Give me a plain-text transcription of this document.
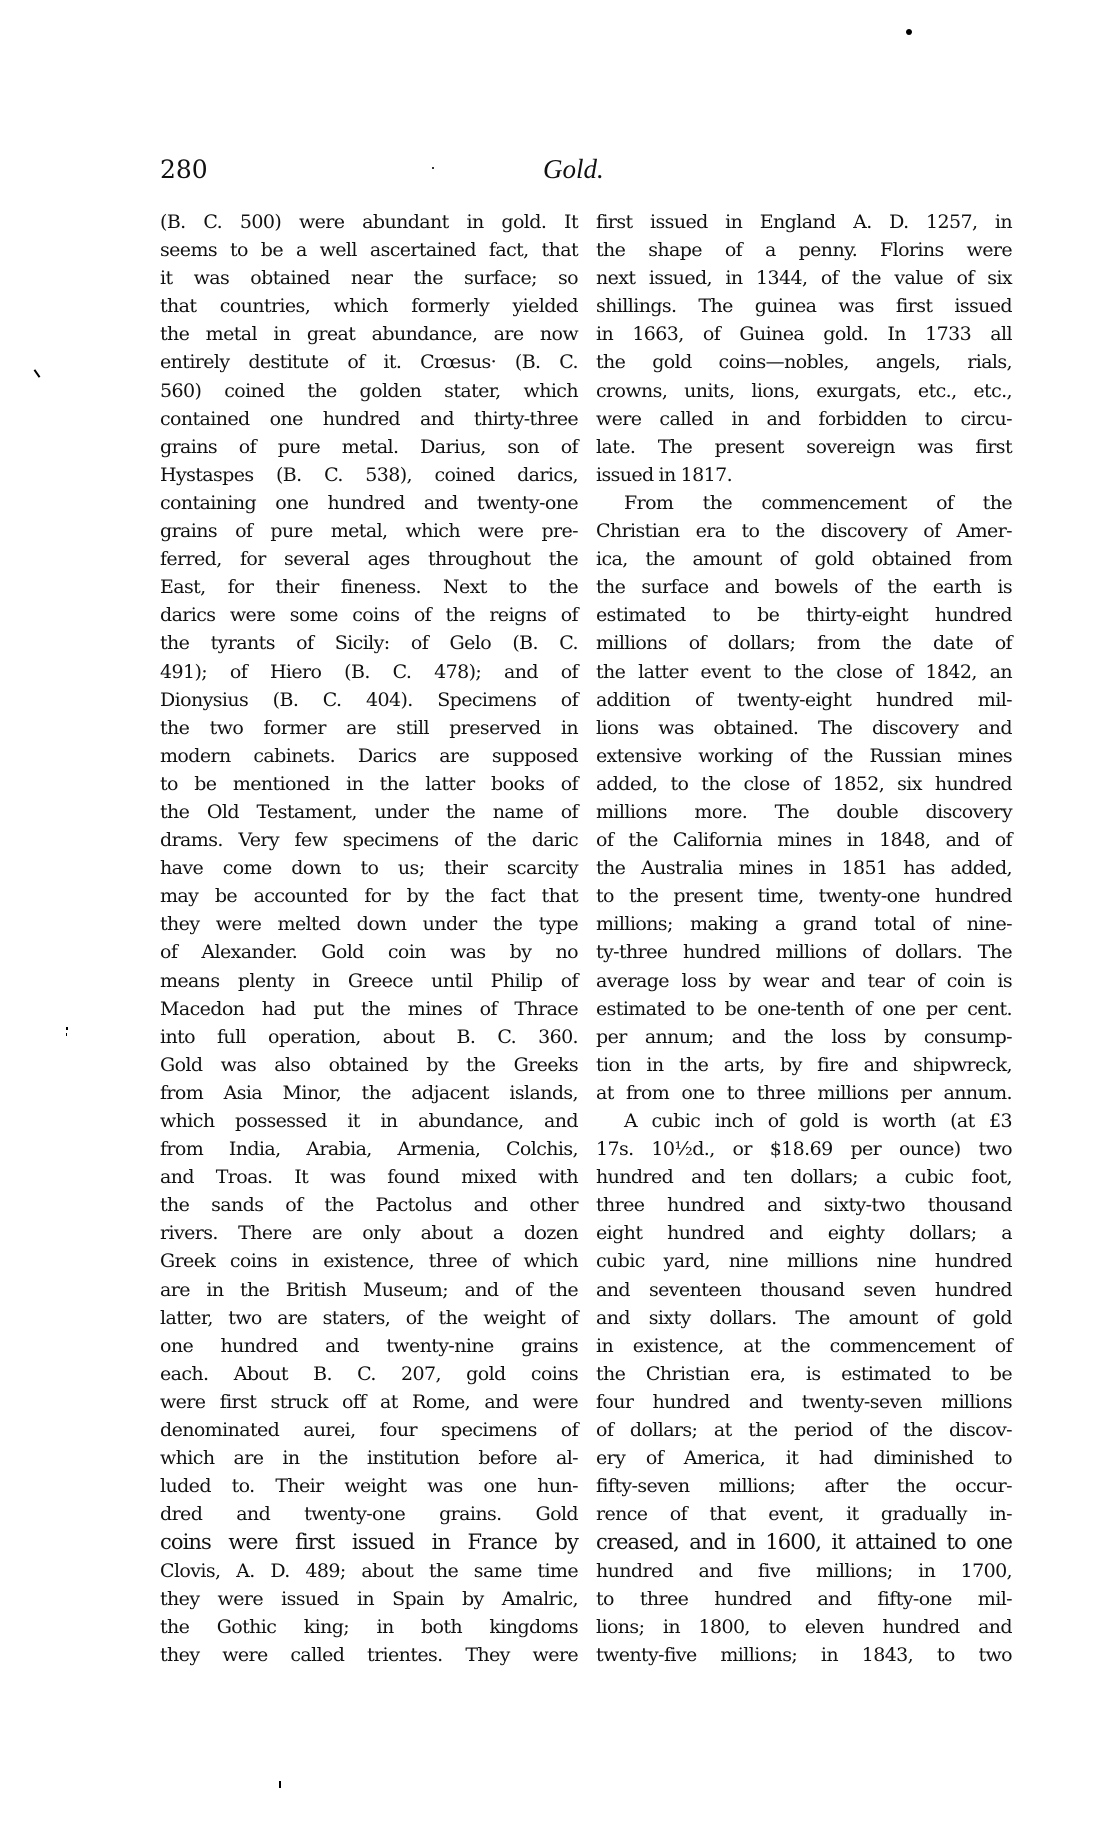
280	Gold.
(B. C. 500) were abundant in gold. It
seems to be a well ascertained fact, that
it was obtained near the surface; so
that countries, which formerly yielded
the metal in great abundance, are now
entirely destitute of it. Crœsus· (B. C.
560) coined the golden stater, which
contained one hundred and thirty-three
grains of pure metal. Darius, son of
Hystaspes (B. C. 538), coined darics,
containing one hundred and twenty-one
grains of pure metal, which were pre-
ferred, for several ages throughout the
East, for their fineness. Next to the
darics were some coins of the reigns of
the tyrants of Sicily: of Gelo (B. C.
491); of Hiero (B. C. 478); and of
Dionysius (B. C. 404). Specimens of
the two former are still preserved in
modern cabinets. Darics are supposed
to be mentioned in the latter books of
the Old Testament, under the name of
drams. Very few specimens of the daric
have come down to us; their scarcity
may be accounted for by the fact that
they were melted down under the type
of Alexander. Gold coin was by no
means plenty in Greece until Philip of
Macedon had put the mines of Thrace
into full operation, about B. C. 360.
Gold was also obtained by the Greeks
from Asia Minor, the adjacent islands,
which possessed it in abundance, and
from India, Arabia, Armenia, Colchis,
and Troas. It was found mixed with
the sands of the Pactolus and other
rivers. There are only about a dozen
Greek coins in existence, three of which
are in the British Museum; and of the
latter, two are staters, of the weight of
one hundred and twenty-nine grains
each. About B. C. 207, gold coins
were first struck off at Rome, and were
denominated aurei, four specimens of
which are in the institution before al-
luded to. Their weight was one hun-
dred and twenty-one grains. Gold
coins were first issued in France by
Clovis, A. D. 489; about the same time
they were issued in Spain by Amalric,
the Gothic king; in both kingdoms
they were called trientes. They were
first issued in England A. D. 1257, in
the shape of a penny. Florins were
next issued, in 1344, of the value of six
shillings. The guinea was first issued
in 1663, of Guinea gold. In 1733 all
the gold coins—nobles, angels, rials,
crowns, units, lions, exurgats, etc., etc.,
were called in and forbidden to circu-
late. The present sovereign was first
issued in 1817.
From the commencement of the
Christian era to the discovery of Amer-
ica, the amount of gold obtained from
the surface and bowels of the earth is
estimated to be thirty-eight hundred
millions of dollars; from the date of
the latter event to the close of 1842, an
addition of twenty-eight hundred mil-
lions was obtained. The discovery and
extensive working of the Russian mines
added, to the close of 1852, six hundred
millions more. The double discovery
of the California mines in 1848, and of
the Australia mines in 1851 has added,
to the present time, twenty-one hundred
millions; making a grand total of nine-
ty-three hundred millions of dollars. The
average loss by wear and tear of coin is
estimated to be one-tenth of one per cent.
per annum; and the loss by consump-
tion in the arts, by fire and shipwreck,
at from one to three millions per annum.
A cubic inch of gold is worth (at £3
17s. 10½d., or $18.69 per ounce) two
hundred and ten dollars; a cubic foot,
three hundred and sixty-two thousand
eight hundred and eighty dollars; a
cubic yard, nine millions nine hundred
and seventeen thousand seven hundred
and sixty dollars. The amount of gold
in existence, at the commencement of
the Christian era, is estimated to be
four hundred and twenty-seven millions
of dollars; at the period of the discov-
ery of America, it had diminished to
fifty-seven millions; after the occur-
rence of that event, it gradually in-
creased, and in 1600, it attained to one
hundred and five millions; in 1700,
to three hundred and fifty-one mil-
lions; in 1800, to eleven hundred and
twenty-five millions; in 1843, to two
